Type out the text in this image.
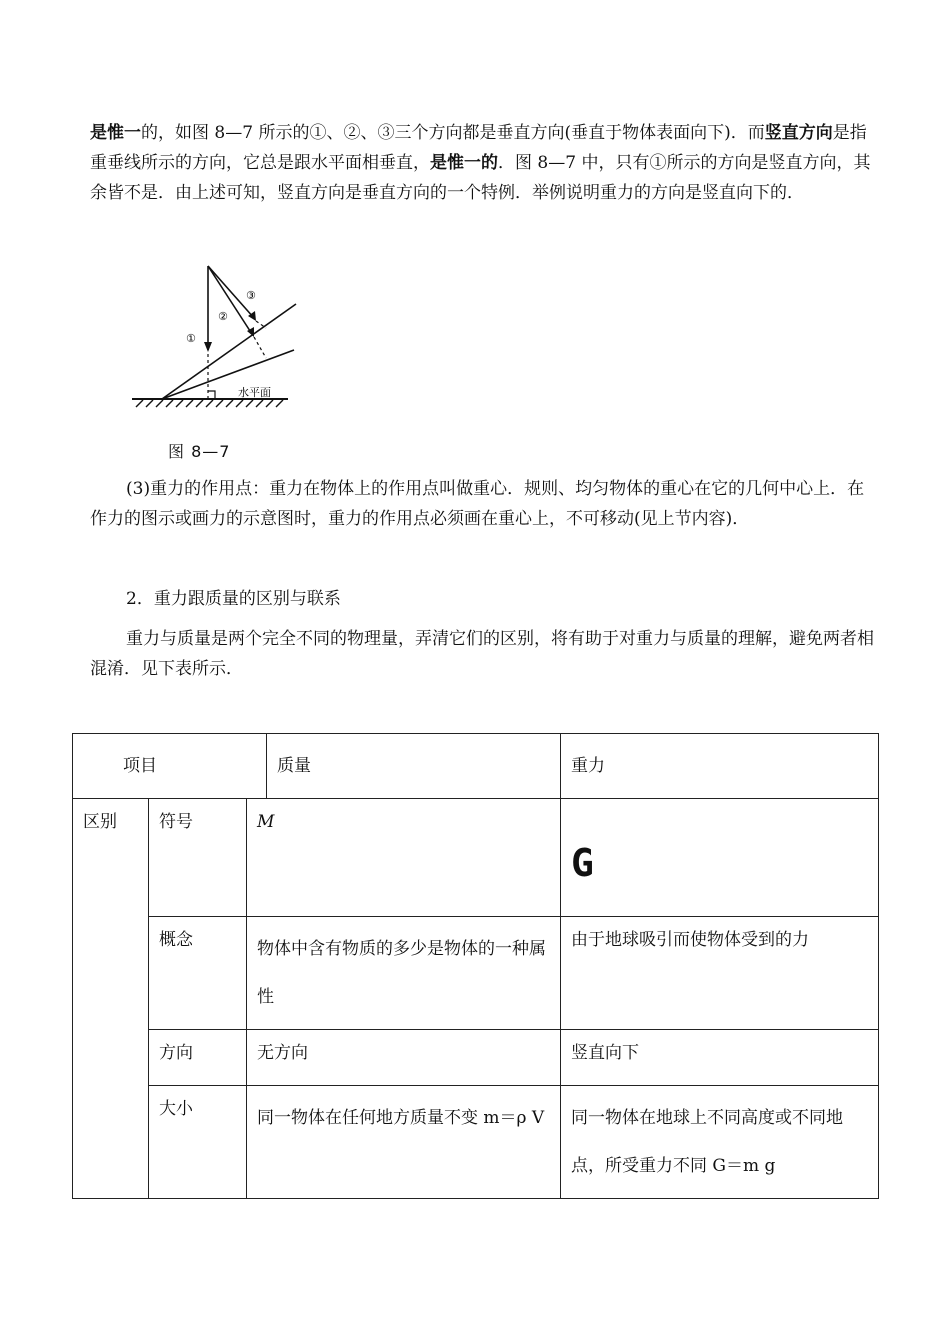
是惟一的，如图 8—7 所示的①、②、③三个方向都是垂直方向(垂直于物体表面向下)．而竖直方向是指重垂线所示的方向，它总是跟水平面相垂直，是惟一的．图 8—7 中，只有①所示的方向是竖直方向，其余皆不是．由上述可知，竖直方向是垂直方向的一个特例．举例说明重力的方向是竖直向下的．

①
②
③
水平面
图 8—7

(3)重力的作用点：重力在物体上的作用点叫做重心．规则、均匀物体的重心在它的几何中心上．在作力的图示或画力的示意图时，重力的作用点必须画在重心上，不可移动(见上节内容)．

2．重力跟质量的区别与联系

重力与质量是两个完全不同的物理量，弄清它们的区别，将有助于对重力与质量的理解，避免两者相混淆．见下表所示．

项目			质量	重力
区别	符号	M		G

	概念	物体中含有物质的多少是物体的一种属性		由于地球吸引而使物体受到的力
	方向	无方向		竖直向下
	大小	同一物体在任何地方质量不变 m＝ρ V		同一物体在地球上不同高度或不同地点，所受重力不同 G＝m g
